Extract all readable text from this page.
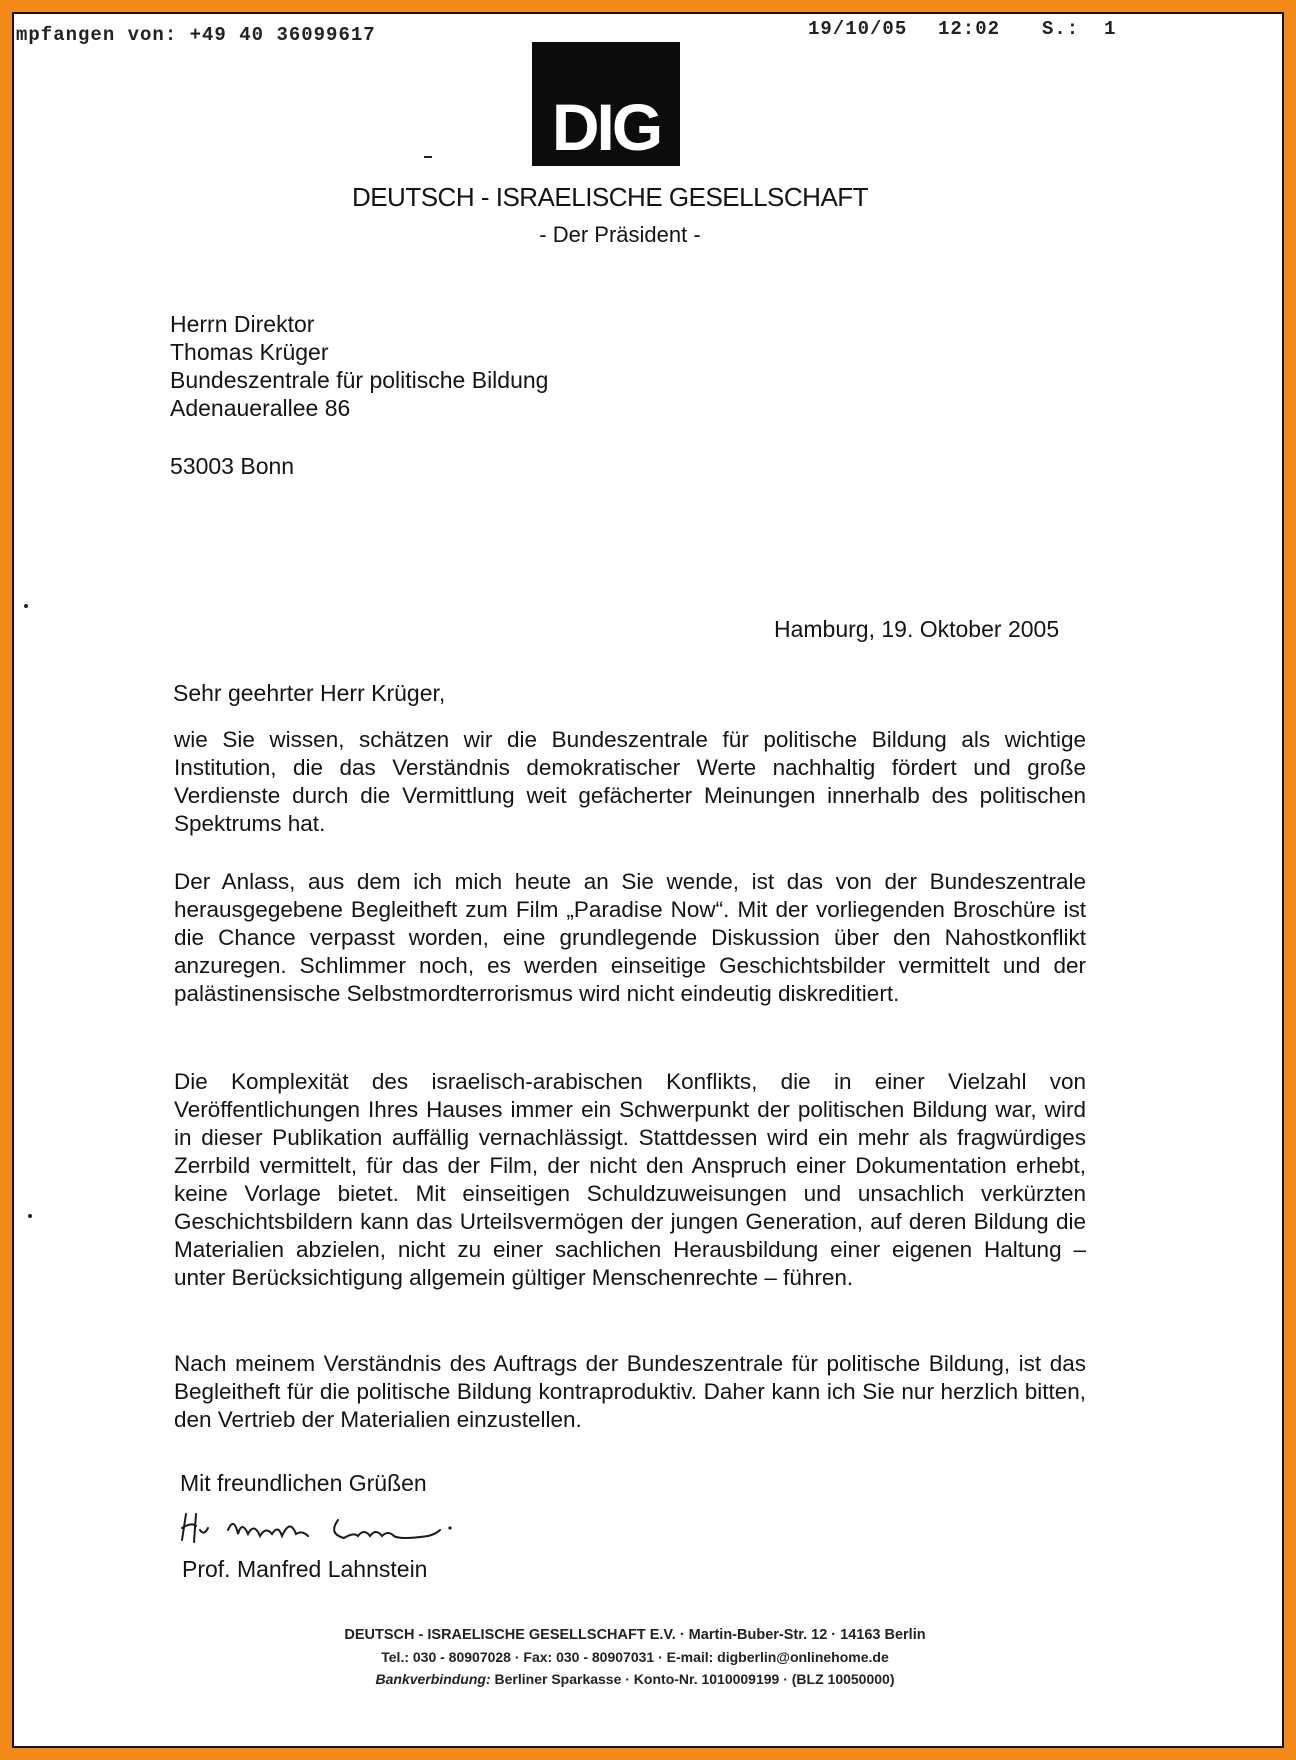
mpfangen von: +49 40 36099617	19/10/05 12:02 S.:  1
DIG
DEUTSCH - ISRAELISCHE GESELLSCHAFT
- Der Präsident -
Herrn Direktor
Thomas Krüger
Bundeszentrale für politische Bildung
Adenauerallee 86
53003 Bonn
Hamburg, 19. Oktober 2005
Sehr geehrter Herr Krüger,
wie Sie wissen, schätzen wir die Bundeszentrale für politische Bildung als wichtige Institution, die das Verständnis demokratischer Werte nachhaltig fördert und große Verdienste durch die Vermittlung weit gefächerter Meinungen innerhalb des politischen Spektrums hat.
Der Anlass, aus dem ich mich heute an Sie wende, ist das von der Bundeszentrale herausgegebene Begleitheft zum Film „Paradise Now“. Mit der vorliegenden Broschüre ist die Chance verpasst worden, eine grundlegende Diskussion über den Nahostkonflikt anzuregen. Schlimmer noch, es werden einseitige Geschichtsbilder vermittelt und der palästinensische Selbstmordterrorismus wird nicht eindeutig diskreditiert.
Die Komplexität des israelisch-arabischen Konflikts, die in einer Vielzahl von Veröffentlichungen Ihres Hauses immer ein Schwerpunkt der politischen Bildung war, wird in dieser Publikation auffällig vernachlässigt. Stattdessen wird ein mehr als fragwürdiges Zerrbild vermittelt, für das der Film, der nicht den Anspruch einer Dokumentation erhebt, keine Vorlage bietet. Mit einseitigen Schuldzuweisungen und unsachlich verkürzten Geschichtsbildern kann das Urteilsvermögen der jungen Generation, auf deren Bildung die Materialien abzielen, nicht zu einer sachlichen Herausbildung einer eigenen Haltung – unter Berücksichtigung allgemein gültiger Menschenrechte – führen.
Nach meinem Verständnis des Auftrags der Bundeszentrale für politische Bildung, ist das Begleitheft für die politische Bildung kontraproduktiv. Daher kann ich Sie nur herzlich bitten, den Vertrieb der Materialien einzustellen.
Mit freundlichen Grüßen
Prof. Manfred Lahnstein
DEUTSCH - ISRAELISCHE GESELLSCHAFT E.V. · Martin-Buber-Str. 12 · 14163 Berlin
Tel.: 030 - 80907028 · Fax: 030 - 80907031 · E-mail: digberlin@onlinehome.de
Bankverbindung: Berliner Sparkasse · Konto-Nr. 1010009199 · (BLZ 10050000)
